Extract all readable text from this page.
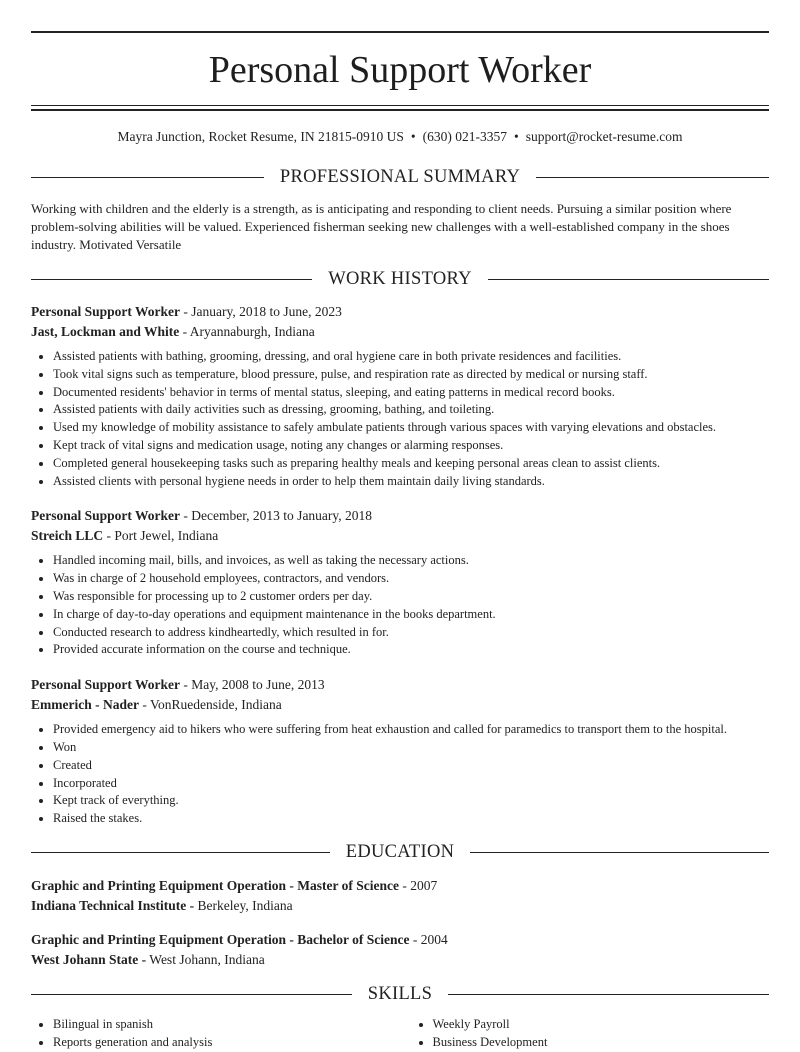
Personal Support Worker
Mayra Junction, Rocket Resume, IN 21815-0910 US • (630) 021-3357 • support@rocket-resume.com
PROFESSIONAL SUMMARY
Working with children and the elderly is a strength, as is anticipating and responding to client needs. Pursuing a similar position where problem-solving abilities will be valued. Experienced fisherman seeking new challenges with a well-established company in the shoes industry. Motivated Versatile
WORK HISTORY
Personal Support Worker - January, 2018 to June, 2023
Jast, Lockman and White - Aryannaburgh, Indiana
• Assisted patients with bathing, grooming, dressing, and oral hygiene care in both private residences and facilities.
• Took vital signs such as temperature, blood pressure, pulse, and respiration rate as directed by medical or nursing staff.
• Documented residents' behavior in terms of mental status, sleeping, and eating patterns in medical record books.
• Assisted patients with daily activities such as dressing, grooming, bathing, and toileting.
• Used my knowledge of mobility assistance to safely ambulate patients through various spaces with varying elevations and obstacles.
• Kept track of vital signs and medication usage, noting any changes or alarming responses.
• Completed general housekeeping tasks such as preparing healthy meals and keeping personal areas clean to assist clients.
• Assisted clients with personal hygiene needs in order to help them maintain daily living standards.
Personal Support Worker - December, 2013 to January, 2018
Streich LLC - Port Jewel, Indiana
• Handled incoming mail, bills, and invoices, as well as taking the necessary actions.
• Was in charge of 2 household employees, contractors, and vendors.
• Was responsible for processing up to 2 customer orders per day.
• In charge of day-to-day operations and equipment maintenance in the books department.
• Conducted research to address kindheartedly, which resulted in for.
• Provided accurate information on the course and technique.
Personal Support Worker - May, 2008 to June, 2013
Emmerich - Nader - VonRuedenside, Indiana
• Provided emergency aid to hikers who were suffering from heat exhaustion and called for paramedics to transport them to the hospital.
• Won
• Created
• Incorporated
• Kept track of everything.
• Raised the stakes.
EDUCATION
Graphic and Printing Equipment Operation - Master of Science - 2007
Indiana Technical Institute - Berkeley, Indiana
Graphic and Printing Equipment Operation - Bachelor of Science - 2004
West Johann State - West Johann, Indiana
SKILLS
• Bilingual in spanish
• Reports generation and analysis
• Weekly Payroll
• Business Development
